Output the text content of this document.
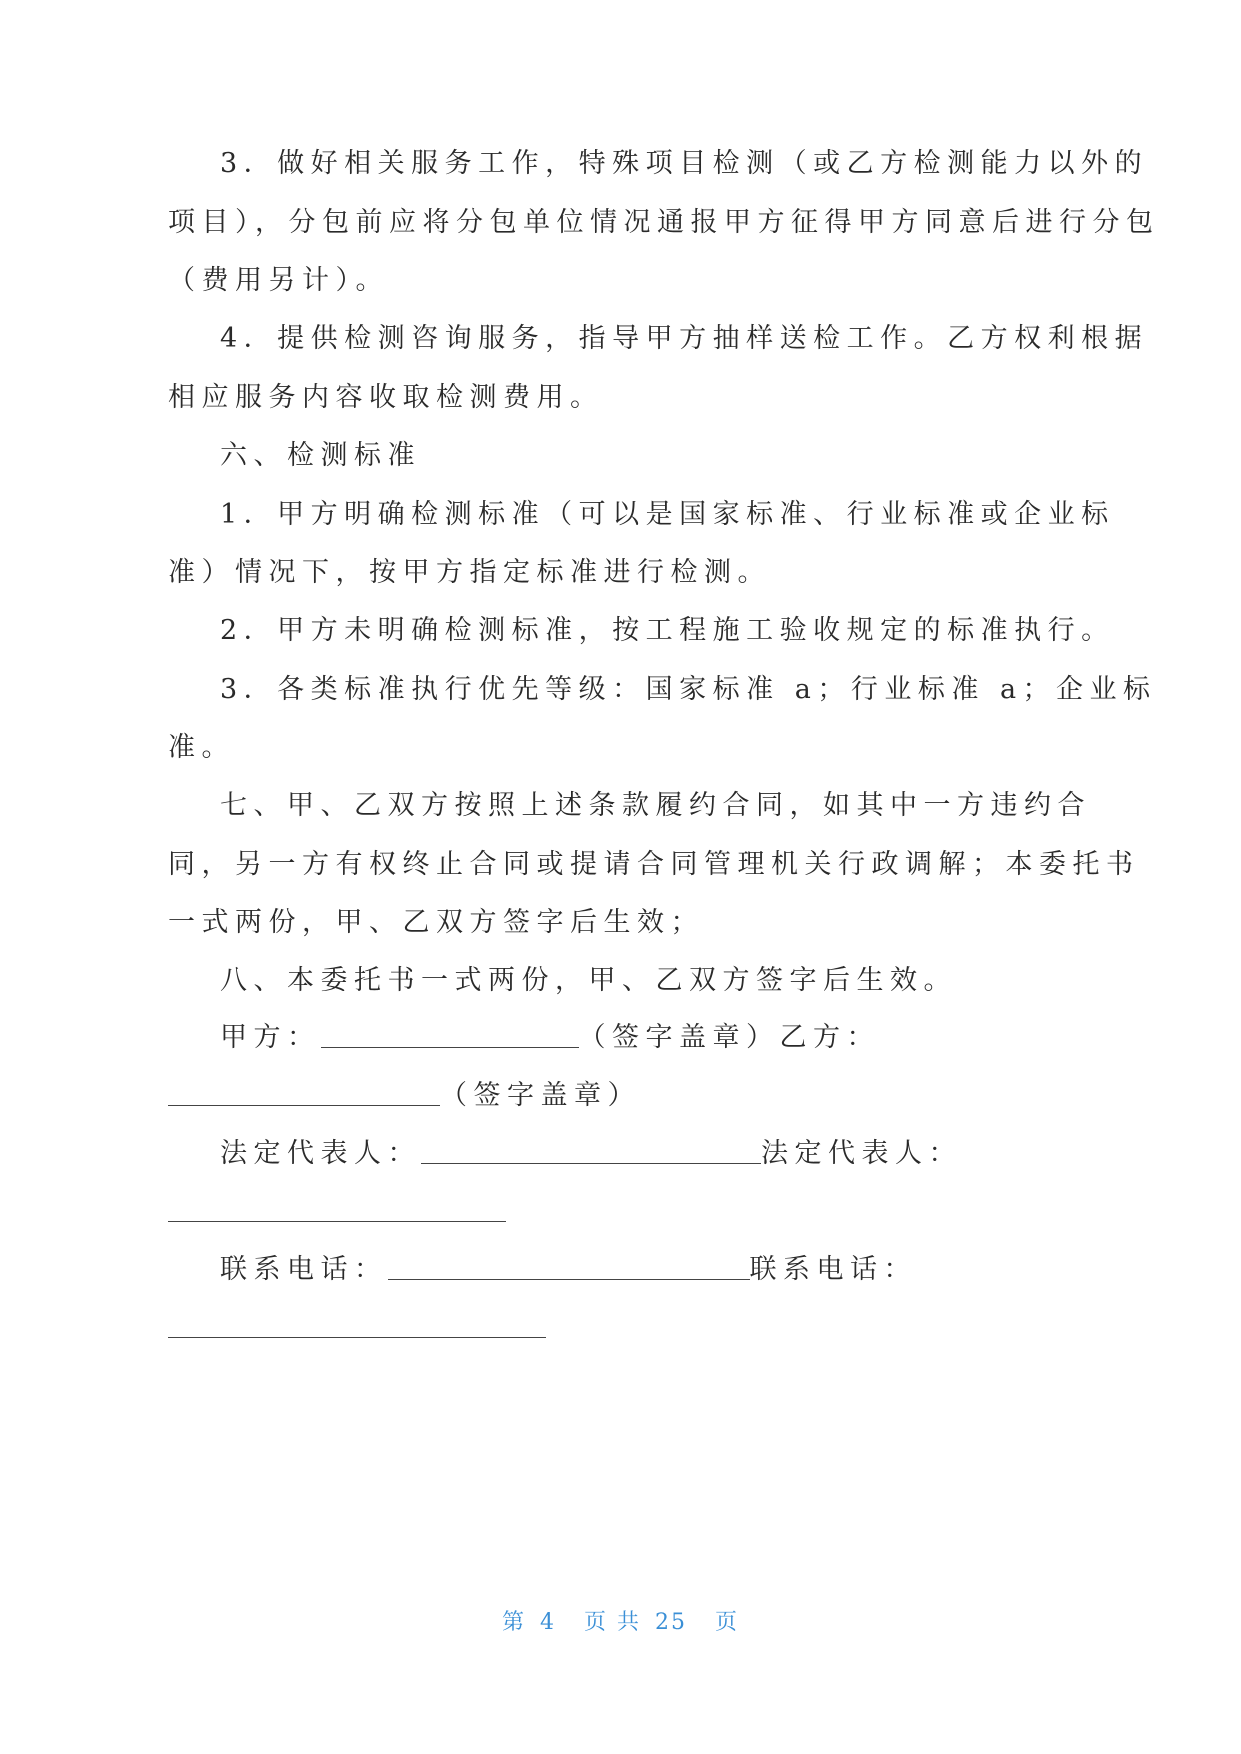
3．做好相关服务工作，特殊项目检测（或乙方检测能力以外的
项目），分包前应将分包单位情况通报甲方征得甲方同意后进行分包
（费用另计）。
4．提供检测咨询服务，指导甲方抽样送检工作。乙方权利根据
相应服务内容收取检测费用。
六、检测标准
1．甲方明确检测标准（可以是国家标准、行业标准或企业标
准）情况下，按甲方指定标准进行检测。
2．甲方未明确检测标准，按工程施工验收规定的标准执行。
3．各类标准执行优先等级：国家标准 a；行业标准 a；企业标
准。
七、甲、乙双方按照上述条款履约合同，如其中一方违约合
同，另一方有权终止合同或提请合同管理机关行政调解；本委托书
一式两份，甲、乙双方签字后生效；
八、本委托书一式两份，甲、乙双方签字后生效。
甲方：	（签字盖章）乙方：
（签字盖章）
法定代表人：	法定代表人：
联系电话：	联系电话：
第 4 页 共 25 页
